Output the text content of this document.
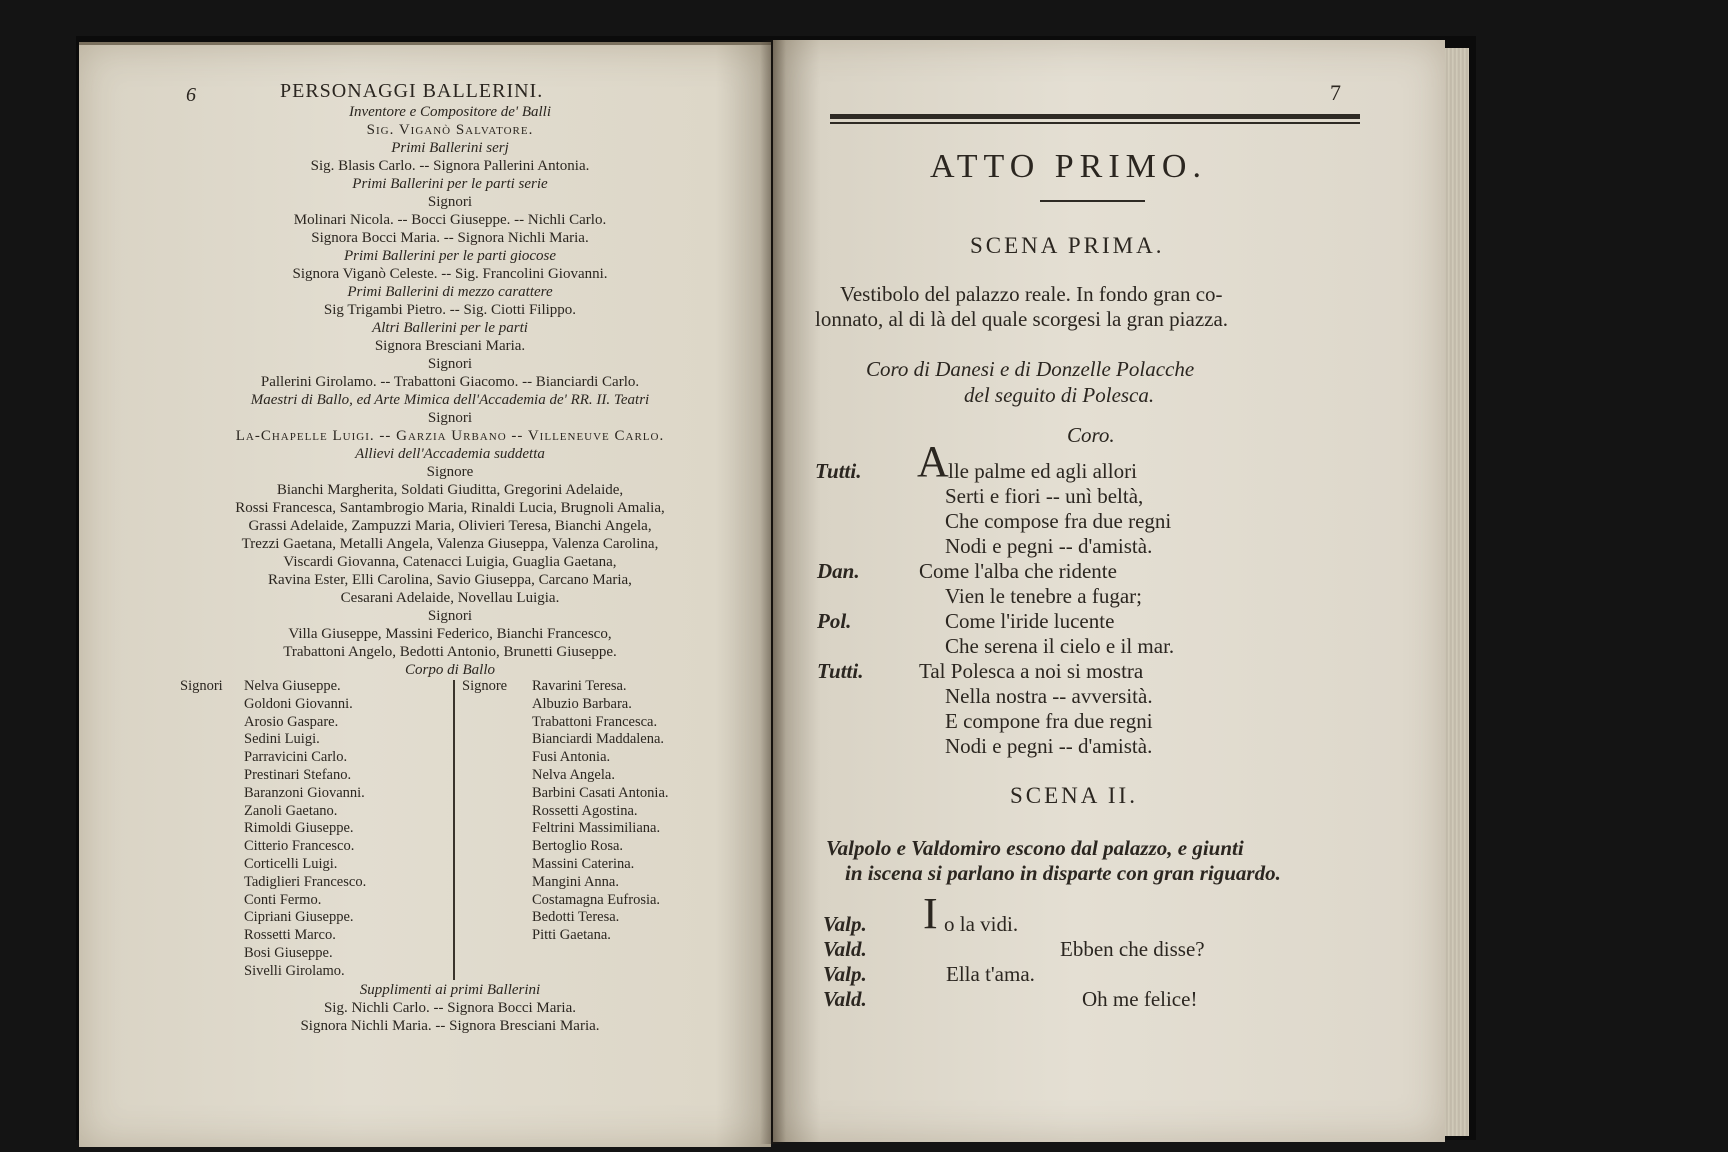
6	PERSONAGGI BALLERINI.
Inventore e Compositore de' Balli
Sig. Viganò Salvatore.
Primi Ballerini serj
Sig. Blasis Carlo. -- Signora Pallerini Antonia.
Primi Ballerini per le parti serie
Signori
Molinari Nicola. -- Bocci Giuseppe. -- Nichli Carlo.
Signora Bocci Maria. -- Signora Nichli Maria.
Primi Ballerini per le parti giocose
Signora Viganò Celeste. -- Sig. Francolini Giovanni.
Primi Ballerini di mezzo carattere
Sig Trigambi Pietro. -- Sig. Ciotti Filippo.
Altri Ballerini per le parti
Signora Bresciani Maria.
Signori
Pallerini Girolamo. -- Trabattoni Giacomo. -- Bianciardi Carlo.
Maestri di Ballo, ed Arte Mimica dell'Accademia de' RR. II. Teatri
Signori
La-Chapelle Luigi. -- Garzia Urbano -- Villeneuve Carlo.
Allievi dell'Accademia suddetta
Signore
Bianchi Margherita, Soldati Giuditta, Gregorini Adelaide,
Rossi Francesca, Santambrogio Maria, Rinaldi Lucia, Brugnoli Amalia,
Grassi Adelaide, Zampuzzi Maria, Olivieri Teresa, Bianchi Angela,
Trezzi Gaetana, Metalli Angela, Valenza Giuseppa, Valenza Carolina,
Viscardi Giovanna, Catenacci Luigia, Guaglia Gaetana,
Ravina Ester, Elli Carolina, Savio Giuseppa, Carcano Maria,
Cesarani Adelaide, Novellau Luigia.
Signori
Villa Giuseppe, Massini Federico, Bianchi Francesco,
Trabattoni Angelo, Bedotti Antonio, Brunetti Giuseppe.
Corpo di Ballo
Signori Nelva Giuseppe.
Goldoni Giovanni.
Arosio Gaspare.
Sedini Luigi.
Parravicini Carlo.
Prestinari Stefano.
Baranzoni Giovanni.
Zanoli Gaetano.
Rimoldi Giuseppe.
Citterio Francesco.
Corticelli Luigi.
Tadiglieri Francesco.
Conti Fermo.
Cipriani Giuseppe.
Rossetti Marco.
Bosi Giuseppe.
Sivelli Girolamo.
Signore Ravarini Teresa.
Albuzio Barbara.
Trabattoni Francesca.
Bianciardi Maddalena.
Fusi Antonia.
Nelva Angela.
Barbini Casati Antonia.
Rossetti Agostina.
Feltrini Massimiliana.
Bertoglio Rosa.
Massini Caterina.
Mangini Anna.
Costamagna Eufrosia.
Bedotti Teresa.
Pitti Gaetana.
Supplimenti ai primi Ballerini
Sig. Nichli Carlo. -- Signora Bocci Maria.
Signora Nichli Maria. -- Signora Bresciani Maria.
7
ATTO PRIMO.
SCENA PRIMA.
Vestibolo del palazzo reale. In fondo gran co-
lonnato, al di là del quale scorgesi la gran piazza.
Coro di Danesi e di Donzelle Polacche
del seguito di Polesca.
Coro.
Tutti. A lle palme ed agli allori
Serti e fiori -- unì beltà,
Che compose fra due regni
Nodi e pegni -- d'amistà.
Dan.	Come l'alba che ridente
Vien le tenebre a fugar;
Pol.	Come l'iride lucente
Che serena il cielo e il mar.
Tutti.	Tal Polesca a noi si mostra
Nella nostra -- avversità.
E compone fra due regni
Nodi e pegni -- d'amistà.
SCENA II.
Valpolo e Valdomiro escono dal palazzo, e giunti
in iscena si parlano in disparte con gran riguardo.
Valp. I o la vidi.
Vald.	Ebben che disse?
Valp.	Ella t'ama.
Vald.	Oh me felice!
